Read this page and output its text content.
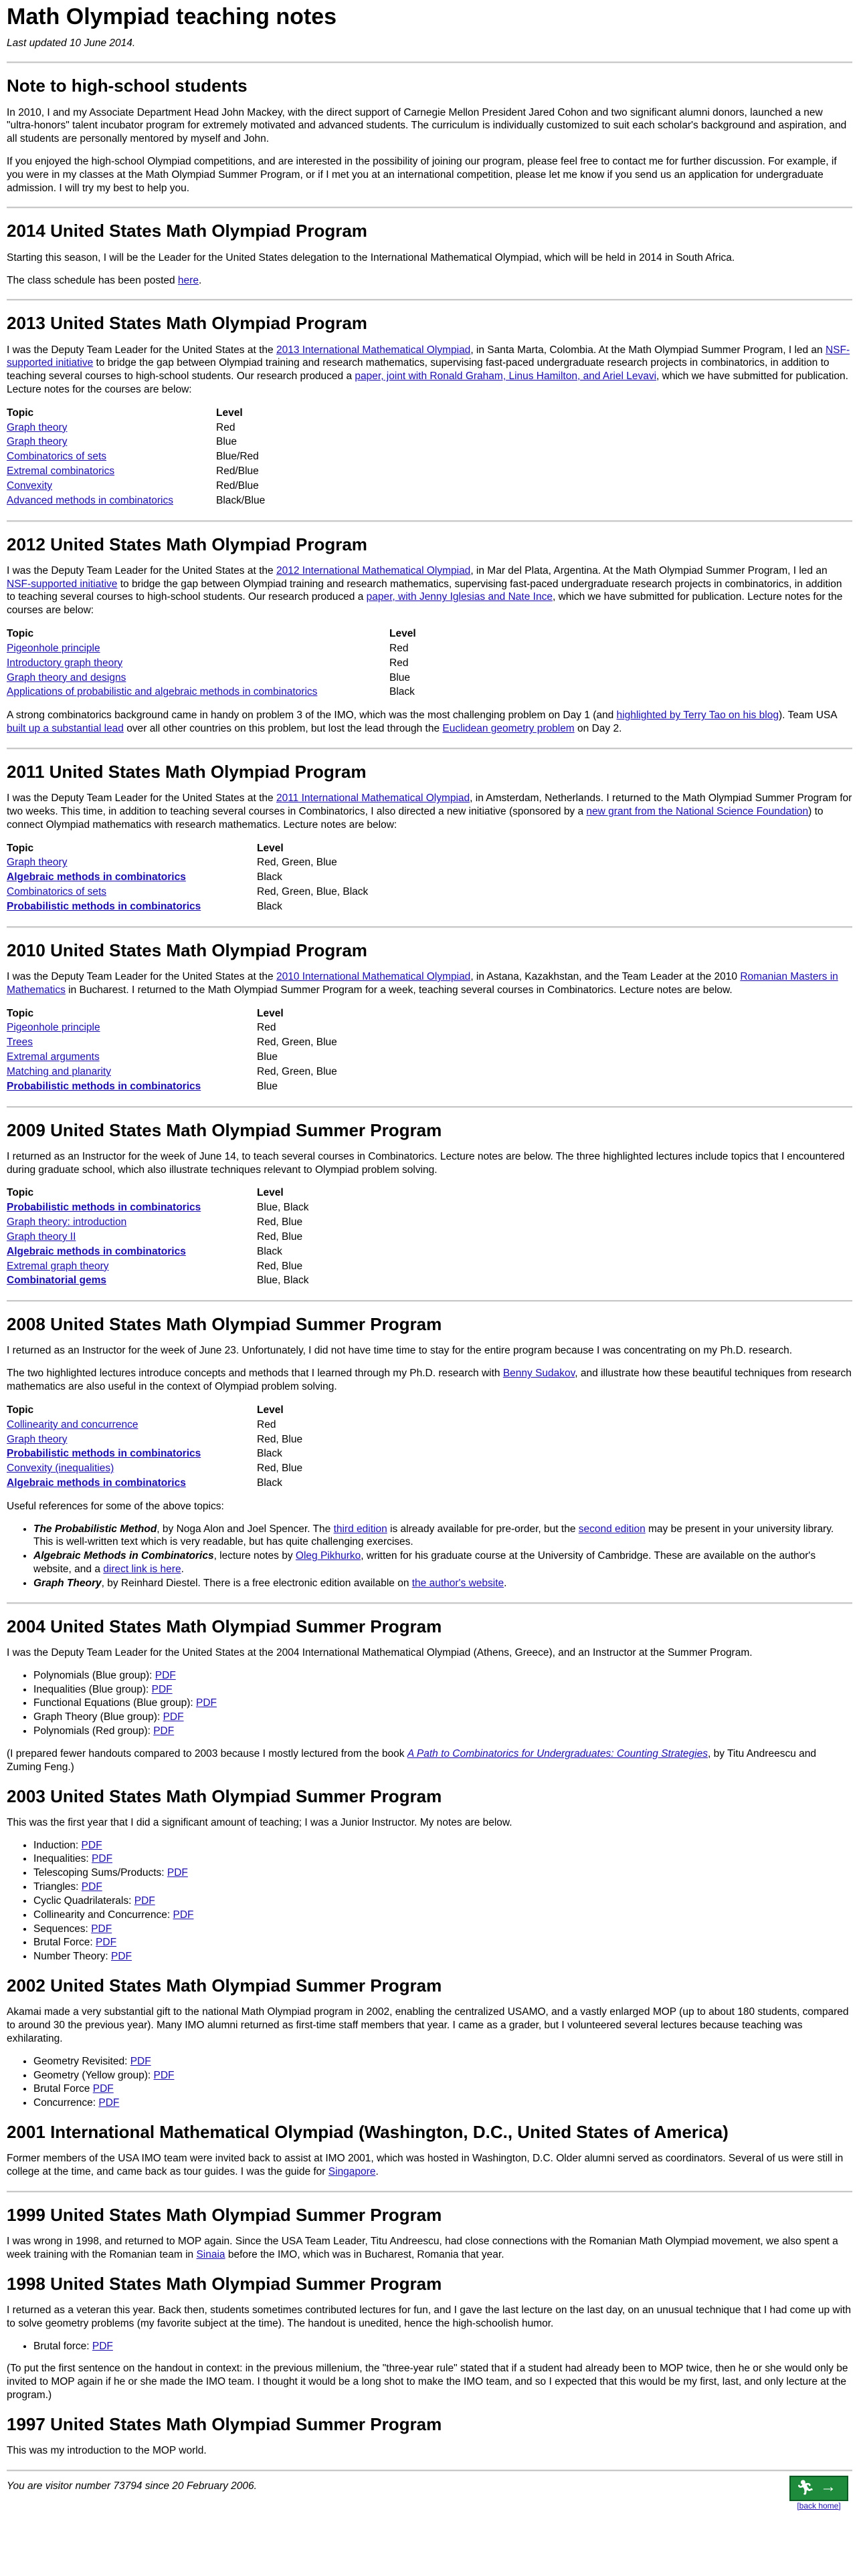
Math Olympiad teaching notes
Last updated 10 June 2014.
Note to high-school students

In 2010, I and my Associate Department Head John Mackey, with the direct support of Carnegie Mellon President Jared Cohon and two significant alumni donors, launched a new "ultra-honors" talent incubator program for extremely motivated and advanced students. The curriculum is individually customized to suit each scholar's background and aspiration, and all students are personally mentored by myself and John.

If you enjoyed the high-school Olympiad competitions, and are interested in the possibility of joining our program, please feel free to contact me for further discussion. For example, if you were in my classes at the Math Olympiad Summer Program, or if I met you at an international competition, please let me know if you send us an application for undergraduate admission. I will try my best to help you.

2014 United States Math Olympiad Program

Starting this season, I will be the Leader for the United States delegation to the International Mathematical Olympiad, which will be held in 2014 in South Africa.

The class schedule has been posted here.

2013 United States Math Olympiad Program

I was the Deputy Team Leader for the United States at the 2013 International Mathematical Olympiad, in Santa Marta, Colombia. At the Math Olympiad Summer Program, I led an NSF-supported initiative to bridge the gap between Olympiad training and research mathematics, supervising fast-paced undergraduate research projects in combinatorics, in addition to teaching several courses to high-school students. Our research produced a paper, joint with Ronald Graham, Linus Hamilton, and Ariel Levavi, which we have submitted for publication. Lecture notes for the courses are below:

Topic	Level
Graph theory	Red
Graph theory	Blue
Combinatorics of sets	Blue/Red
Extremal combinatorics	Red/Blue
Convexity	Red/Blue
Advanced methods in combinatorics	Black/Blue
2012 United States Math Olympiad Program

I was the Deputy Team Leader for the United States at the 2012 International Mathematical Olympiad, in Mar del Plata, Argentina. At the Math Olympiad Summer Program, I led an NSF-supported initiative to bridge the gap between Olympiad training and research mathematics, supervising fast-paced undergraduate research projects in combinatorics, in addition to teaching several courses to high-school students. Our research produced a paper, with Jenny Iglesias and Nate Ince, which we have submitted for publication. Lecture notes for the courses are below:

Topic	Level
Pigeonhole principle	Red
Introductory graph theory	Red
Graph theory and designs	Blue
Applications of probabilistic and algebraic methods in combinatorics	Black

A strong combinatorics background came in handy on problem 3 of the IMO, which was the most challenging problem on Day 1 (and highlighted by Terry Tao on his blog). Team USA built up a substantial lead over all other countries on this problem, but lost the lead through the Euclidean geometry problem on Day 2.

2011 United States Math Olympiad Program

I was the Deputy Team Leader for the United States at the 2011 International Mathematical Olympiad, in Amsterdam, Netherlands. I returned to the Math Olympiad Summer Program for two weeks. This time, in addition to teaching several courses in Combinatorics, I also directed a new initiative (sponsored by a new grant from the National Science Foundation) to connect Olympiad mathematics with research mathematics. Lecture notes are below:

Topic	Level
Graph theory	Red, Green, Blue
Algebraic methods in combinatorics	Black
Combinatorics of sets	Red, Green, Blue, Black
Probabilistic methods in combinatorics	Black
2010 United States Math Olympiad Program

I was the Deputy Team Leader for the United States at the 2010 International Mathematical Olympiad, in Astana, Kazakhstan, and the Team Leader at the 2010 Romanian Masters in Mathematics in Bucharest. I returned to the Math Olympiad Summer Program for a week, teaching several courses in Combinatorics. Lecture notes are below.

Topic	Level
Pigeonhole principle	Red
Trees	Red, Green, Blue
Extremal arguments	Blue
Matching and planarity	Red, Green, Blue
Probabilistic methods in combinatorics	Blue
2009 United States Math Olympiad Summer Program

I returned as an Instructor for the week of June 14, to teach several courses in Combinatorics. Lecture notes are below. The three highlighted lectures include topics that I encountered during graduate school, which also illustrate techniques relevant to Olympiad problem solving.

Topic	Level
Probabilistic methods in combinatorics	Blue, Black
Graph theory: introduction	Red, Blue
Graph theory II	Red, Blue
Algebraic methods in combinatorics	Black
Extremal graph theory	Red, Blue
Combinatorial gems	Blue, Black
2008 United States Math Olympiad Summer Program

I returned as an Instructor for the week of June 23. Unfortunately, I did not have time time to stay for the entire program because I was concentrating on my Ph.D. research.

The two highlighted lectures introduce concepts and methods that I learned through my Ph.D. research with Benny Sudakov, and illustrate how these beautiful techniques from research mathematics are also useful in the context of Olympiad problem solving.

Topic	Level
Collinearity and concurrence	Red
Graph theory	Red, Blue
Probabilistic methods in combinatorics	Black
Convexity (inequalities)	Red, Blue
Algebraic methods in combinatorics	Black

Useful references for some of the above topics:

• The Probabilistic Method, by Noga Alon and Joel Spencer. The third edition is already available for pre-order, but the second edition may be present in your university library. This is well-written text which is very readable, but has quite challenging exercises.
• Algebraic Methods in Combinatorics, lecture notes by Oleg Pikhurko, written for his graduate course at the University of Cambridge. These are available on the author's website, and a direct link is here.
• Graph Theory, by Reinhard Diestel. There is a free electronic edition available on the author's website.
2004 United States Math Olympiad Summer Program

I was the Deputy Team Leader for the United States at the 2004 International Mathematical Olympiad (Athens, Greece), and an Instructor at the Summer Program.

• Polynomials (Blue group): PDF
• Inequalities (Blue group): PDF
• Functional Equations (Blue group): PDF
• Graph Theory (Blue group): PDF
• Polynomials (Red group): PDF

(I prepared fewer handouts compared to 2003 because I mostly lectured from the book A Path to Combinatorics for Undergraduates: Counting Strategies, by Titu Andreescu and Zuming Feng.)

2003 United States Math Olympiad Summer Program

This was the first year that I did a significant amount of teaching; I was a Junior Instructor. My notes are below.

• Induction: PDF
• Inequalities: PDF
• Telescoping Sums/Products: PDF
• Triangles: PDF
• Cyclic Quadrilaterals: PDF
• Collinearity and Concurrence: PDF
• Sequences: PDF
• Brutal Force: PDF
• Number Theory: PDF
2002 United States Math Olympiad Summer Program

Akamai made a very substantial gift to the national Math Olympiad program in 2002, enabling the centralized USAMO, and a vastly enlarged MOP (up to about 180 students, compared to around 30 the previous year). Many IMO alumni returned as first-time staff members that year. I came as a grader, but I volunteered several lectures because teaching was exhilarating.

• Geometry Revisited: PDF
• Geometry (Yellow group): PDF
• Brutal Force PDF
• Concurrence: PDF
2001 International Mathematical Olympiad (Washington, D.C., United States of America)

Former members of the USA IMO team were invited back to assist at IMO 2001, which was hosted in Washington, D.C. Older alumni served as coordinators. Several of us were still in college at the time, and came back as tour guides. I was the guide for Singapore.

1999 United States Math Olympiad Summer Program

I was wrong in 1998, and returned to MOP again. Since the USA Team Leader, Titu Andreescu, had close connections with the Romanian Math Olympiad movement, we also spent a week training with the Romanian team in Sinaia before the IMO, which was in Bucharest, Romania that year.

1998 United States Math Olympiad Summer Program

I returned as a veteran this year. Back then, students sometimes contributed lectures for fun, and I gave the last lecture on the last day, on an unusual technique that I had come up with to solve geometry problems (my favorite subject at the time). The handout is unedited, hence the high-schoolish humor.

• Brutal force: PDF

(To put the first sentence on the handout in context: in the previous millenium, the "three-year rule" stated that if a student had already been to MOP twice, then he or she would only be invited to MOP again if he or she made the IMO team. I thought it would be a long shot to make the IMO team, and so I expected that this would be my first, last, and only lecture at the program.)

1997 United States Math Olympiad Summer Program

This was my introduction to the MOP world.

You are visitor number 73794 since 20 February 2006.	🏃︎ →
[back home]
